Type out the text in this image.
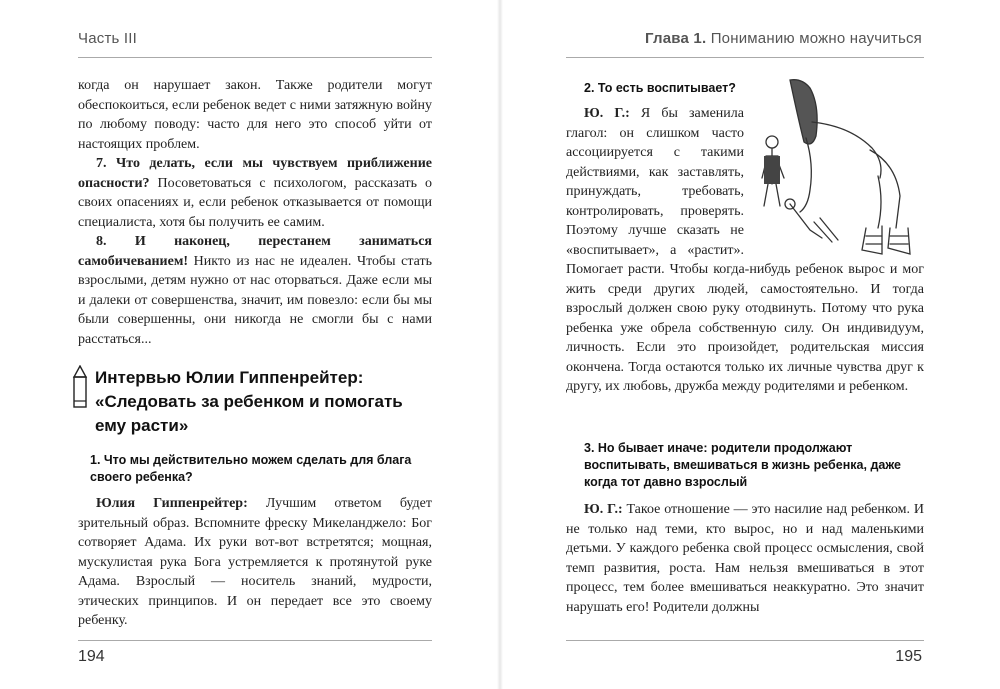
Часть III

когда он нарушает закон. Также родители могут обеспокоиться, если ребенок ведет с ними затяжную войну по любому поводу: часто для него это способ уйти от настоящих проблем.

7. Что делать, если мы чувствуем приближение опасности? Посоветоваться с психологом, рассказать о своих опасениях и, если ребенок отказывается от помощи специалиста, хотя бы получить ее самим.

8. И наконец, перестанем заниматься самобичеванием! Никто из нас не идеален. Чтобы стать взрослыми, детям нужно от нас оторваться. Даже если мы и далеки от совершенства, значит, им повезло: если бы мы были совершенны, они никогда не смогли бы с нами расстаться...

Интервью Юлии Гиппенрейтер:
«Следовать за ребенком и помогать ему расти»
1. Что мы действительно можем сделать для блага своего ребенка?

Юлия Гиппенрейтер: Лучшим ответом будет зрительный образ. Вспомните фреску Микеланджело: Бог сотворяет Адама. Их руки вот-вот встретятся; мощная, мускулистая рука Бога устремляется к протянутой руке Адама. Взрослый — носитель знаний, мудрости, этических принципов. И он передает все это своему ребенку.

194
Глава 1. Пониманию можно научиться
2. То есть воспитывает?

Ю. Г.: Я бы заменила глагол: он слишком часто ассоциируется с такими действиями, как заставлять, принуждать, требовать, контролировать, проверять. Поэтому лучше сказать не «воспитывает», а «растит». Помогает расти. Чтобы когда-нибудь ребенок вырос и мог жить среди других людей, самостоятельно. И тогда взрослый должен свою руку отодвинуть. Потому что рука ребенка уже обрела собственную силу. Он индивидуум, личность. Если это произойдет, родительская миссия окончена. Тогда остаются только их личные чувства друг к другу, их любовь, дружба между родителями и ребенком.

3. Но бывает иначе: родители продолжают воспитывать, вмешиваться в жизнь ребенка, даже когда тот давно взрослый

Ю. Г.: Такое отношение — это насилие над ребенком. И не только над теми, кто вырос, но и над маленькими детьми. У каждого ребенка свой процесс осмысления, свой темп развития, роста. Нам нельзя вмешиваться в этот процесс, тем более вмешиваться неаккуратно. Это значит нарушать его! Родители должны

195
